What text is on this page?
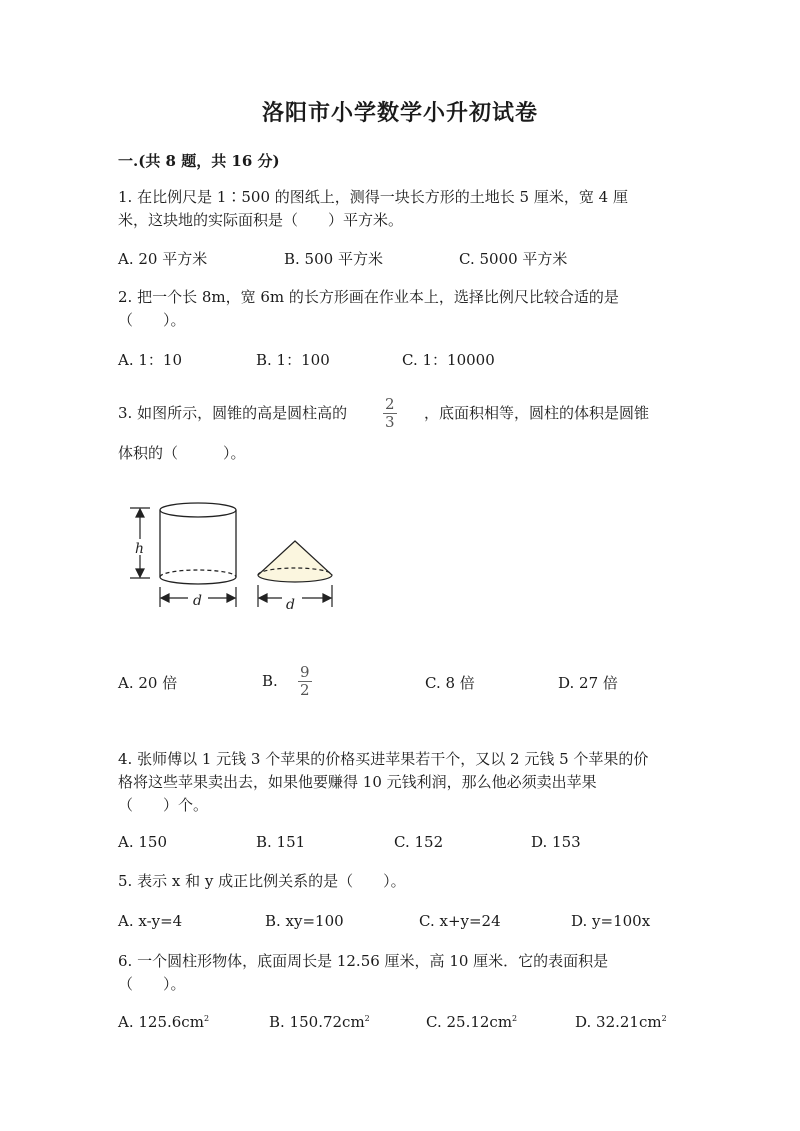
洛阳市小学数学小升初试卷
一.(共 8 题，共 16 分)
1. 在比例尺是 1∶500 的图纸上，测得一块长方形的土地长 5 厘米，宽 4 厘
米，这块地的实际面积是（　　）平方米。
A. 20 平方米	B. 500 平方米	C. 5000 平方米
2. 把一个长 8m，宽 6m 的长方形画在作业本上，选择比例尺比较合适的是
（　　）。
A. 1：10	B. 1：100	C. 1：10000
3. 如图所示，圆锥的高是圆柱高的 $\frac{2}{3}$ ，底面积相等，圆柱的体积是圆锥
体积的（　　　）。
h
d	d
A. 20 倍	B. $\frac{9}{2}$	C. 8 倍	D. 27 倍
4. 张师傅以 1 元钱 3 个苹果的价格买进苹果若干个，又以 2 元钱 5 个苹果的价
格将这些苹果卖出去，如果他要赚得 10 元钱利润，那么他必须卖出苹果
（　　）个。
A. 150	B. 151	C. 152	D. 153
5. 表示 x 和 y 成正比例关系的是（　　）。
A. x-y=4	B. xy=100	C. x+y=24	D. y=100x
6. 一个圆柱形物体，底面周长是 12.56 厘米，高 10 厘米．它的表面积是
（　　）。
A. $125.6cm^2$	B. $150.72cm^2$	C. $25.12cm^2$	D. $32.21cm^2$
